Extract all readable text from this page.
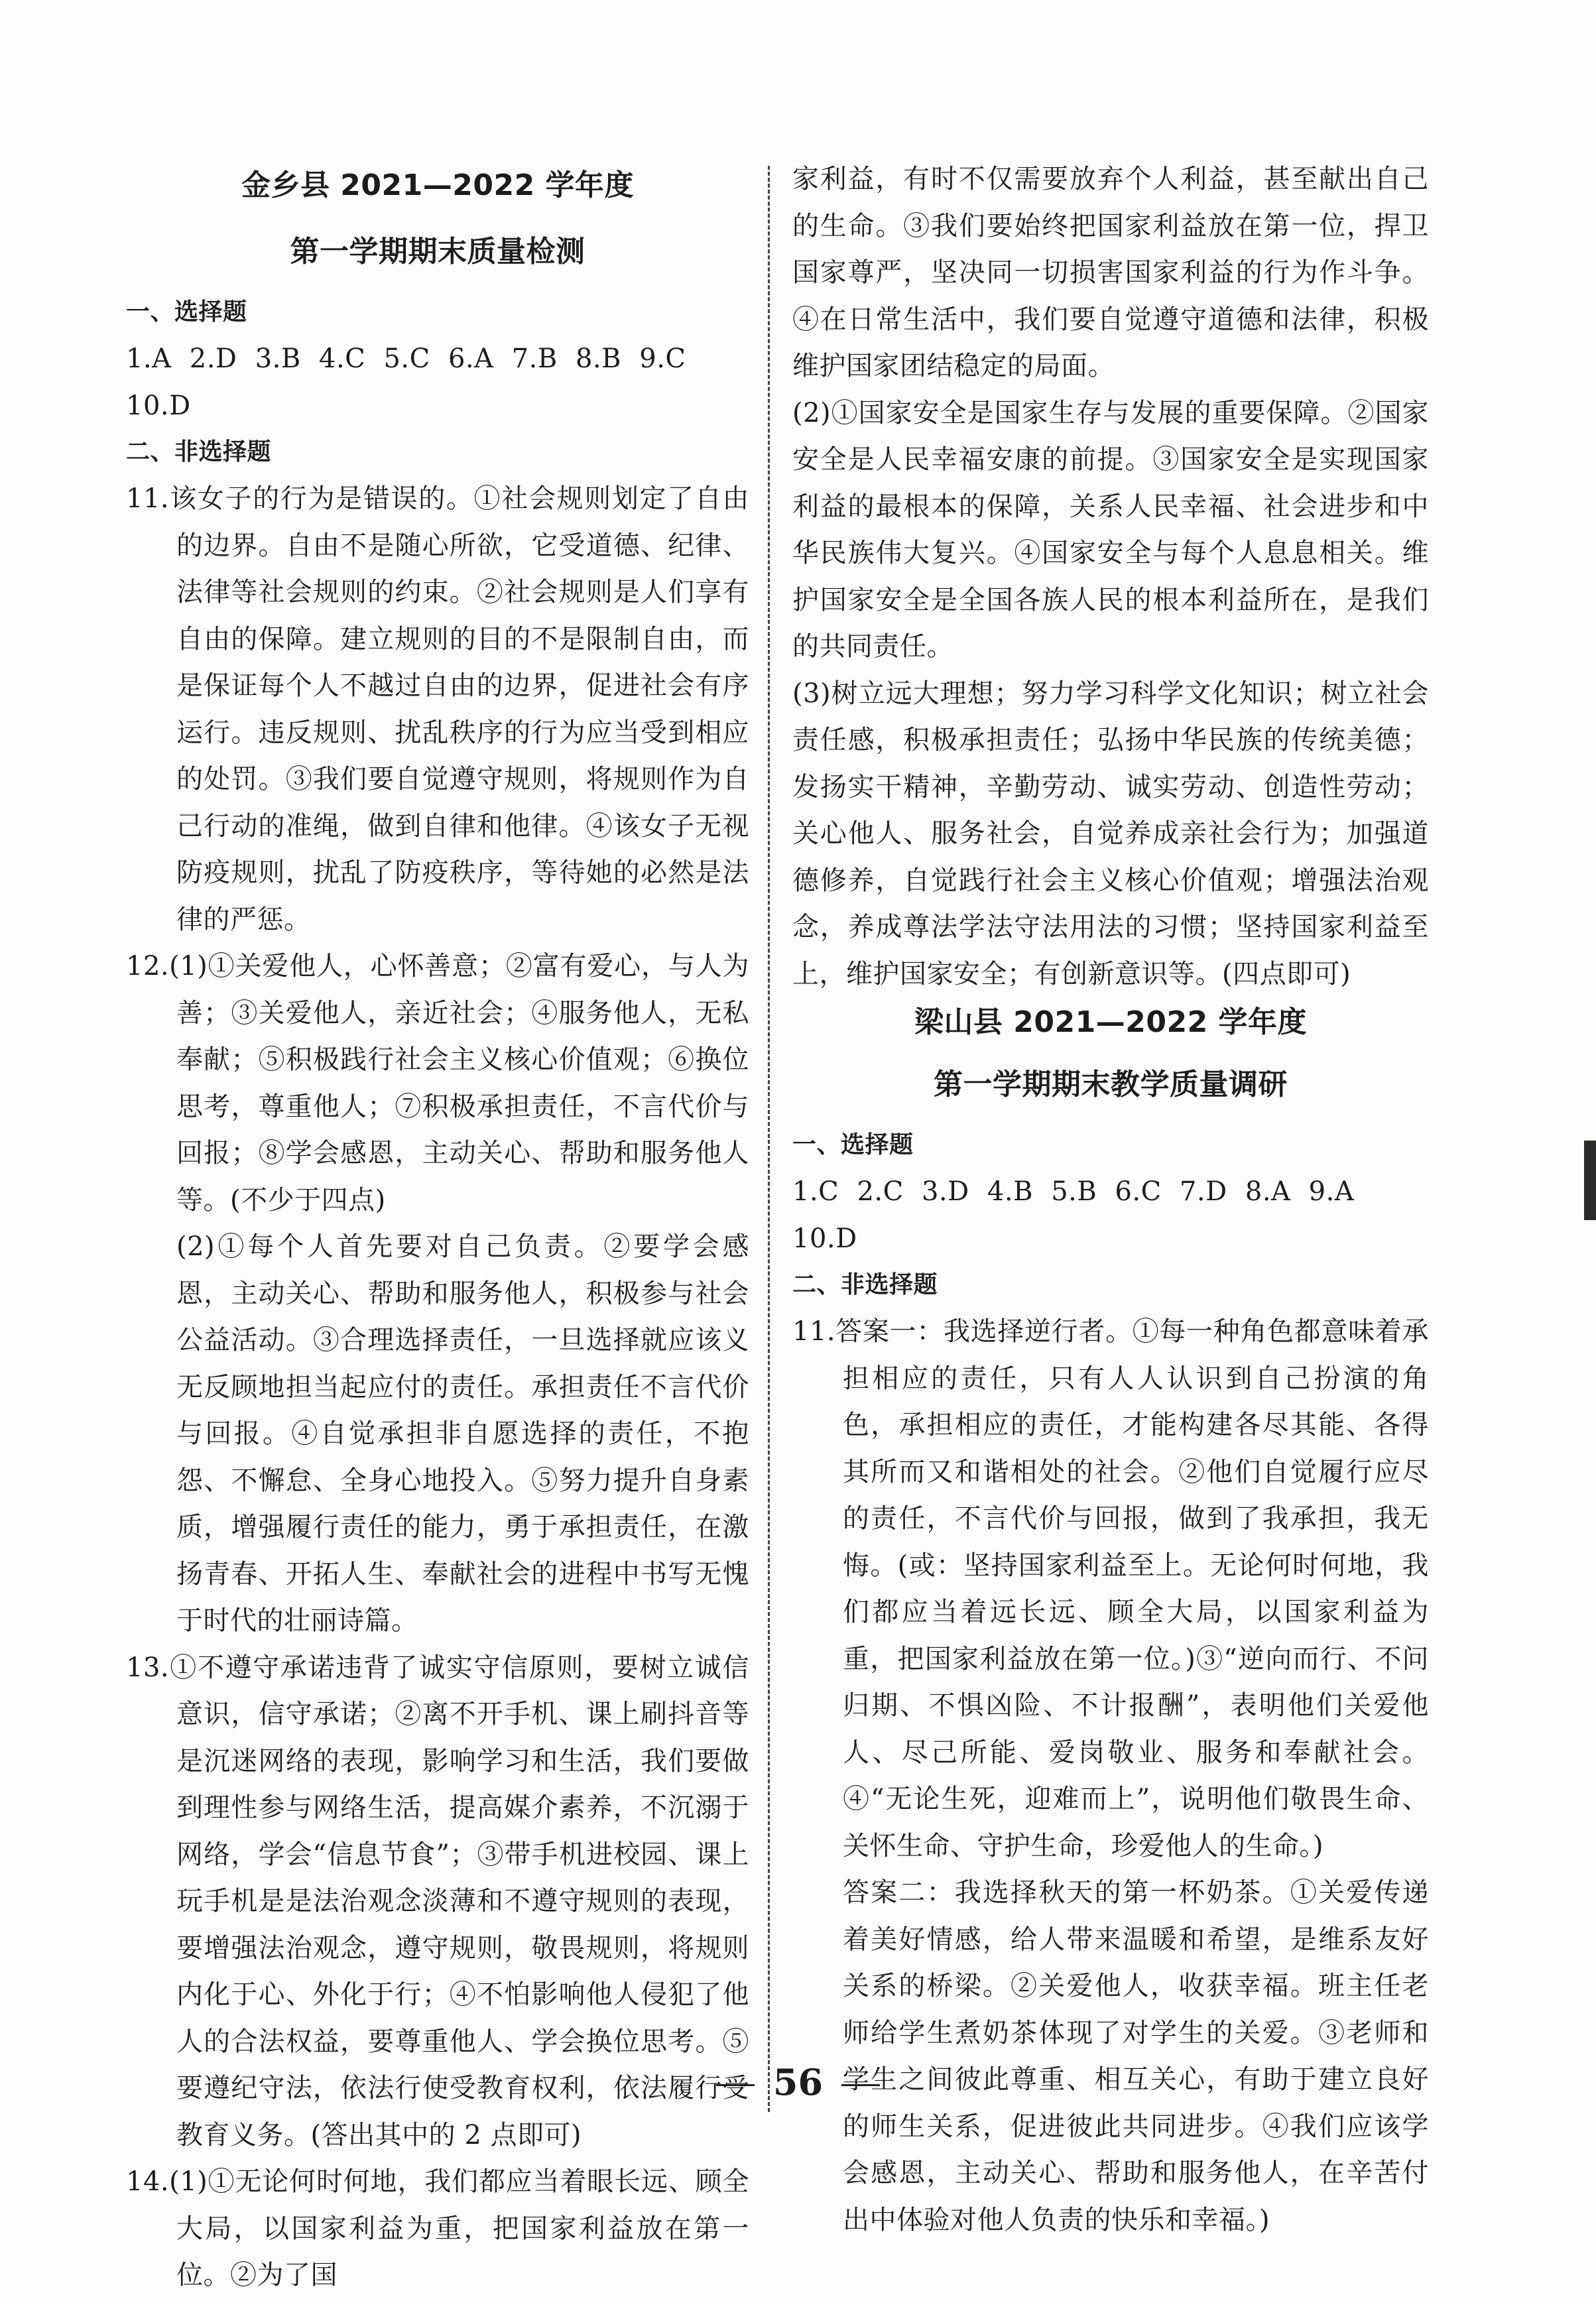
金乡县 2021—2022 学年度
第一学期期末质量检测
一、选择题

1.A 2.D 3.B 4.C 5.C 6.A 7.B 8.B 9.C

10.D

二、非选择题

11.该女子的行为是错误的。①社会规则划定了自由的边界。自由不是随心所欲，它受道德、纪律、法律等社会规则的约束。②社会规则是人们享有自由的保障。建立规则的目的不是限制自由，而是保证每个人不越过自由的边界，促进社会有序运行。违反规则、扰乱秩序的行为应当受到相应的处罚。③我们要自觉遵守规则，将规则作为自己行动的准绳，做到自律和他律。④该女子无视防疫规则，扰乱了防疫秩序，等待她的必然是法律的严惩。

12.(1)①关爱他人，心怀善意；②富有爱心，与人为善；③关爱他人，亲近社会；④服务他人，无私奉献；⑤积极践行社会主义核心价值观；⑥换位思考，尊重他人；⑦积极承担责任，不言代价与回报；⑧学会感恩，主动关心、帮助和服务他人等。(不少于四点)

(2)①每个人首先要对自己负责。②要学会感恩，主动关心、帮助和服务他人，积极参与社会公益活动。③合理选择责任，一旦选择就应该义无反顾地担当起应付的责任。承担责任不言代价与回报。④自觉承担非自愿选择的责任，不抱怨、不懈怠、全身心地投入。⑤努力提升自身素质，增强履行责任的能力，勇于承担责任，在激扬青春、开拓人生、奉献社会的进程中书写无愧于时代的壮丽诗篇。

13.①不遵守承诺违背了诚实守信原则，要树立诚信意识，信守承诺；②离不开手机、课上刷抖音等是沉迷网络的表现，影响学习和生活，我们要做到理性参与网络生活，提高媒介素养，不沉溺于网络，学会“信息节食”；③带手机进校园、课上玩手机是是法治观念淡薄和不遵守规则的表现，要增强法治观念，遵守规则，敬畏规则，将规则内化于心、外化于行；④不怕影响他人侵犯了他人的合法权益，要尊重他人、学会换位思考。⑤要遵纪守法，依法行使受教育权利，依法履行受教育义务。(答出其中的 2 点即可)

14.(1)①无论何时何地，我们都应当着眼长远、顾全大局，以国家利益为重，把国家利益放在第一位。②为了国

家利益，有时不仅需要放弃个人利益，甚至献出自己的生命。③我们要始终把国家利益放在第一位，捍卫国家尊严，坚决同一切损害国家利益的行为作斗争。④在日常生活中，我们要自觉遵守道德和法律，积极维护国家团结稳定的局面。

(2)①国家安全是国家生存与发展的重要保障。②国家安全是人民幸福安康的前提。③国家安全是实现国家利益的最根本的保障，关系人民幸福、社会进步和中华民族伟大复兴。④国家安全与每个人息息相关。维护国家安全是全国各族人民的根本利益所在，是我们的共同责任。

(3)树立远大理想；努力学习科学文化知识；树立社会责任感，积极承担责任；弘扬中华民族的传统美德；发扬实干精神，辛勤劳动、诚实劳动、创造性劳动；关心他人、服务社会，自觉养成亲社会行为；加强道德修养，自觉践行社会主义核心价值观；增强法治观念，养成尊法学法守法用法的习惯；坚持国家利益至上，维护国家安全；有创新意识等。(四点即可)

梁山县 2021—2022 学年度
第一学期期末教学质量调研
一、选择题

1.C 2.C 3.D 4.B 5.B 6.C 7.D 8.A 9.A

10.D

二、非选择题

11.答案一：我选择逆行者。①每一种角色都意味着承担相应的责任，只有人人认识到自己扮演的角色，承担相应的责任，才能构建各尽其能、各得其所而又和谐相处的社会。②他们自觉履行应尽的责任，不言代价与回报，做到了我承担，我无悔。(或：坚持国家利益至上。无论何时何地，我们都应当着远长远、顾全大局，以国家利益为重，把国家利益放在第一位。)③“逆向而行、不问归期、不惧凶险、不计报酬”，表明他们关爱他人、尽己所能、爱岗敬业、服务和奉献社会。④“无论生死，迎难而上”，说明他们敬畏生命、关怀生命、守护生命，珍爱他人的生命。)

答案二：我选择秋天的第一杯奶茶。①关爱传递着美好情感，给人带来温暖和希望，是维系友好关系的桥梁。②关爱他人，收获幸福。班主任老师给学生煮奶茶体现了对学生的关爱。③老师和学生之间彼此尊重、相互关心，有助于建立良好的师生关系，促进彼此共同进步。④我们应该学会感恩，主动关心、帮助和服务他人，在辛苦付出中体验对他人负责的快乐和幸福。)

56
